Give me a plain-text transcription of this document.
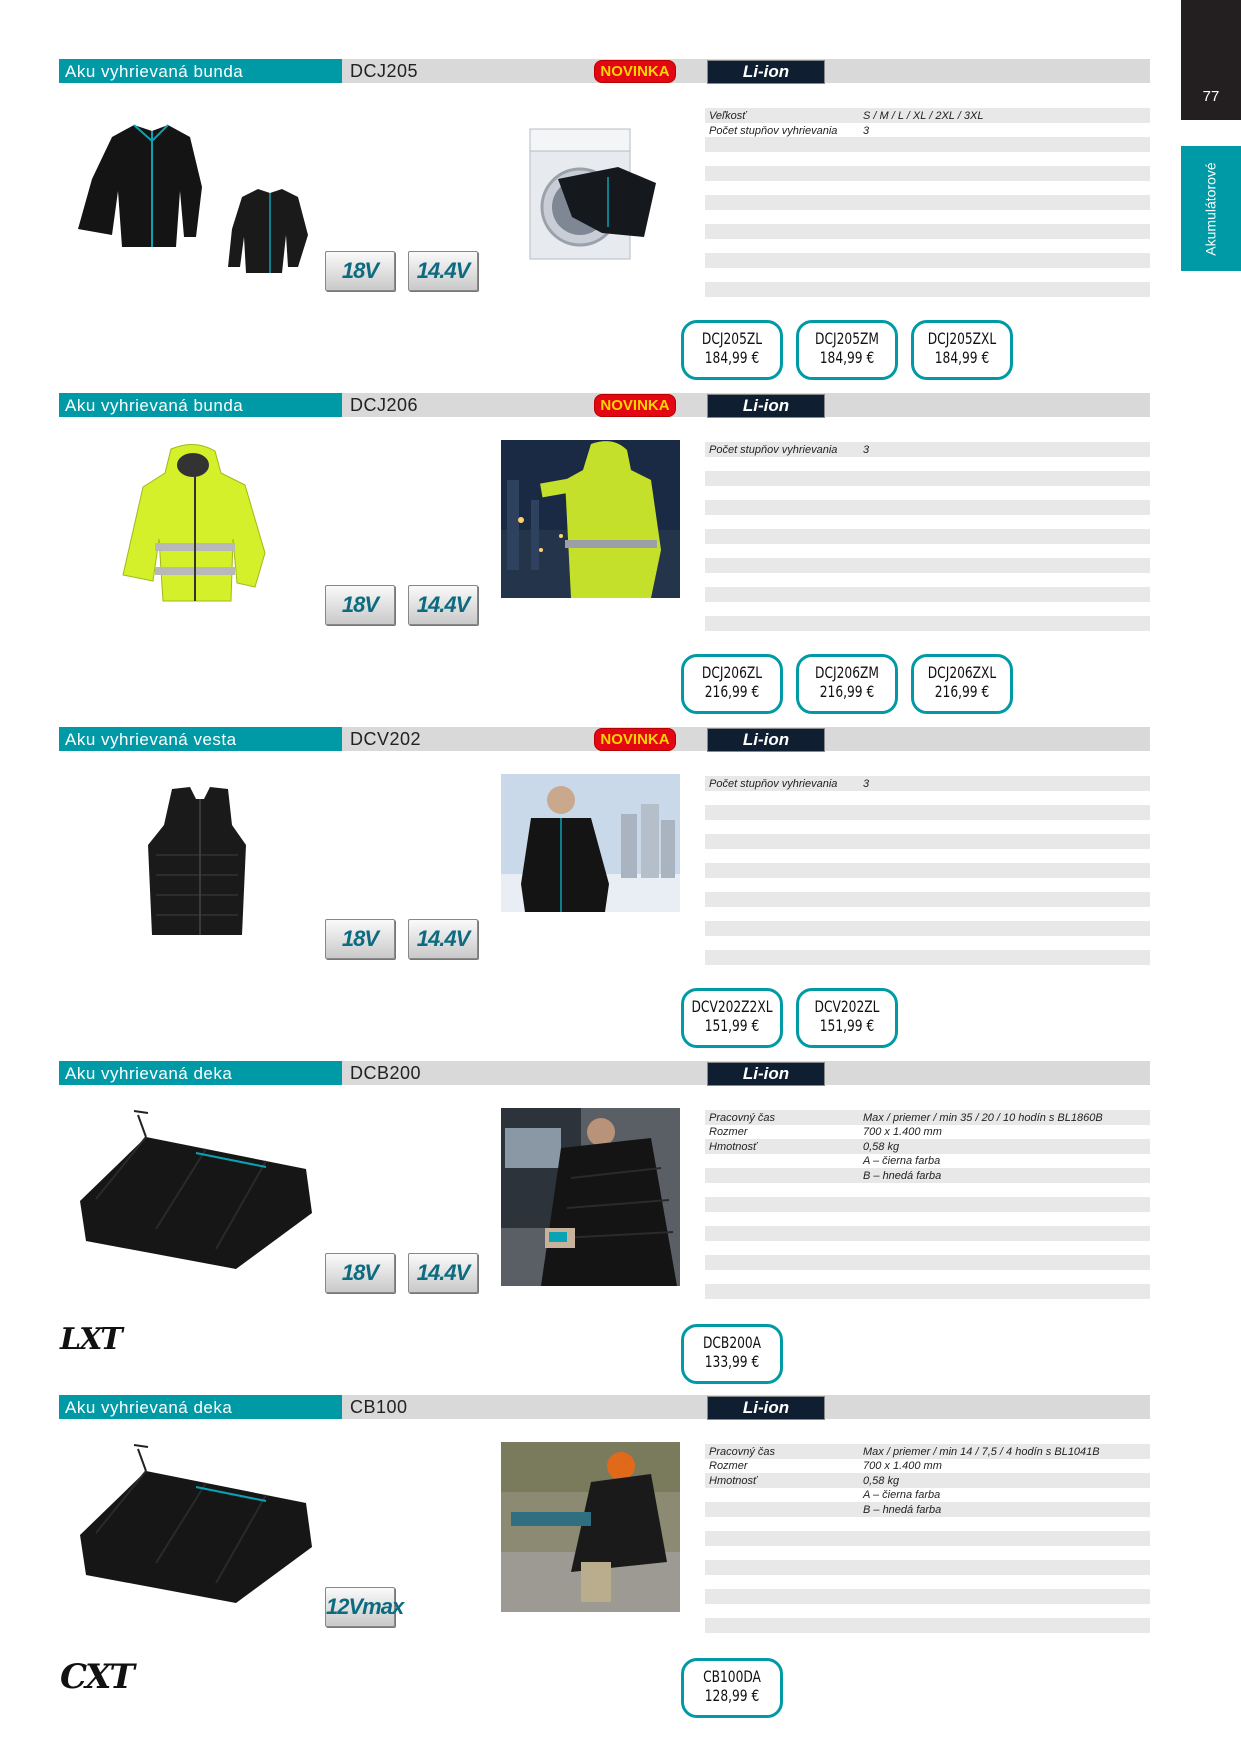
77
Akumulátorové
Aku vyhrievaná bunda	DCJ205	NOVINKA	Li-ion
18V	14.4V
Veľkosť	S / M / L / XL / 2XL / 3XL
Počet stupňov vyhrievania 3
DCJ205ZL
184,99 €
DCJ205ZM
184,99 €
DCJ205ZXL
184,99 €
Aku vyhrievaná bunda	DCJ206	NOVINKA	Li-ion
18V	14.4V
Počet stupňov vyhrievania 3
DCJ206ZL
216,99 €
DCJ206ZM
216,99 €
DCJ206ZXL
216,99 €
Aku vyhrievaná vesta	DCV202	NOVINKA	Li-ion
18V	14.4V
Počet stupňov vyhrievania 3
DCV202Z2XL
151,99 €
DCV202ZL
151,99 €
Aku vyhrievaná deka	DCB200	Li-ion
18V	14.4V
LXT
Pracovný čas	Max / priemer / min 35 / 20 / 10 hodín s BL1860B
Rozmer	700 x 1.400 mm
Hmotnosť	0,58 kg
A – čierna farba
B – hnedá farba
DCB200A
133,99 €
Aku vyhrievaná deka	CB100	Li-ion
12Vmax
CXT
Pracovný čas	Max / priemer / min 14 / 7,5 / 4 hodín s BL1041B
Rozmer	700 x 1.400 mm
Hmotnosť	0,58 kg
A – čierna farba
B – hnedá farba
CB100DA
128,99 €
